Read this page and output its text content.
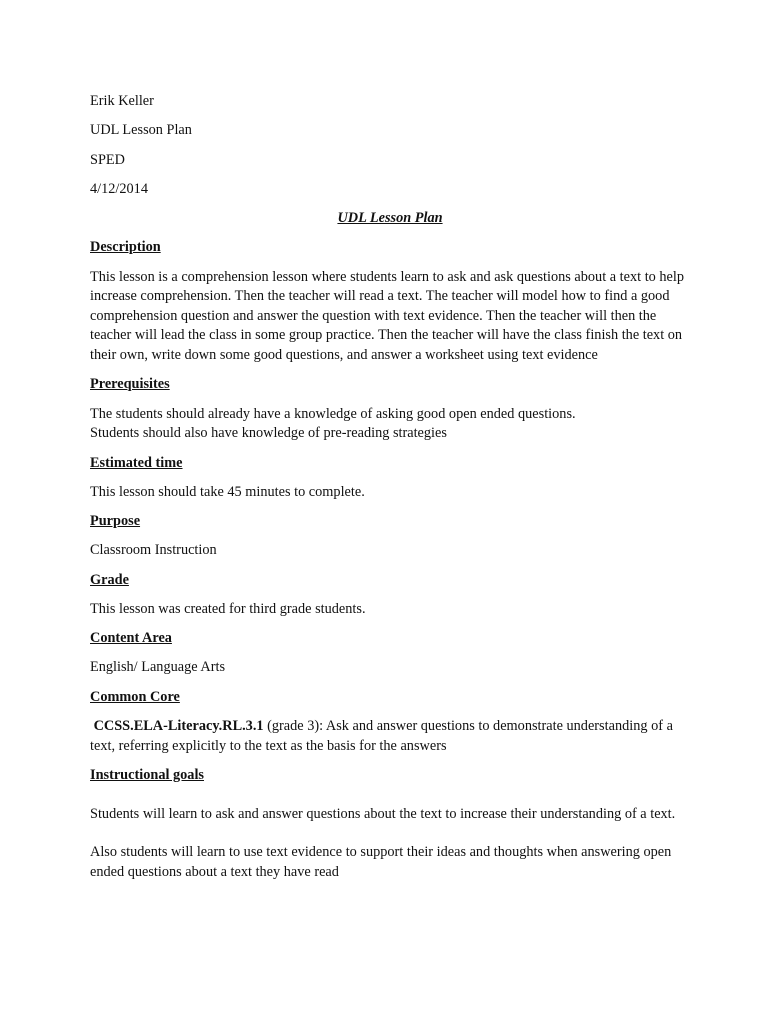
Erik Keller

UDL Lesson Plan

SPED

4/12/2014

UDL Lesson Plan

Description

This lesson is a comprehension lesson where students learn to ask and ask questions about a text to help increase comprehension. Then the teacher will read a text. The teacher will model how to find a good comprehension question and answer the question with text evidence. Then the teacher will then the teacher will lead the class in some group practice. Then the teacher will have the class finish the text on their own, write down some good questions, and answer a worksheet using text evidence

Prerequisites

The students should already have a knowledge of asking good open ended questions.
Students should also have knowledge of pre-reading strategies

Estimated time

This lesson should take 45 minutes to complete.

Purpose

Classroom Instruction

Grade

This lesson was created for third grade students.

Content Area

English/ Language Arts

Common Core

CCSS.ELA-Literacy.RL.3.1 (grade 3): Ask and answer questions to demonstrate understanding of a text, referring explicitly to the text as the basis for the answers

Instructional goals

Students will learn to ask and answer questions about the text to increase their understanding of a text.

Also students will learn to use text evidence to support their ideas and thoughts when answering open ended questions about a text they have read
